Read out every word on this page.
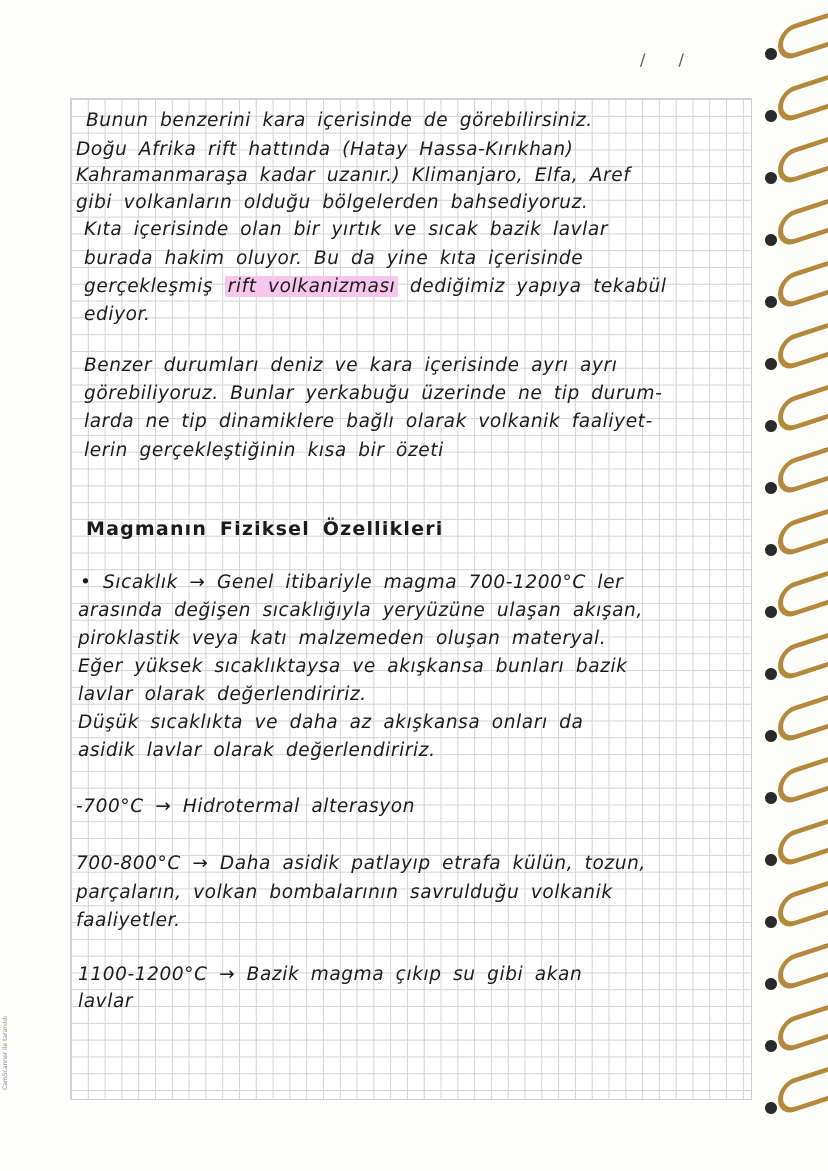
/ /
Bunun benzerini kara içerisinde de görebilirsiniz.
Doğu Afrika rift hattında (Hatay Hassa-Kırıkhan)
Kahramanmaraşa kadar uzanır.) Klimanjaro, Elfa, Aref
gibi volkanların olduğu bölgelerden bahsediyoruz.
Kıta içerisinde olan bir yırtık ve sıcak bazik lavlar
burada hakim oluyor. Bu da yine kıta içerisinde
gerçekleşmiş rift volkanizması dediğimiz yapıya tekabül
ediyor.
Benzer durumları deniz ve kara içerisinde ayrı ayrı
görebiliyoruz. Bunlar yerkabuğu üzerinde ne tip durum-
larda ne tip dinamiklere bağlı olarak volkanik faaliyet-
lerin gerçekleştiğinin kısa bir özeti
Magmanın Fiziksel Özellikleri
• Sıcaklık → Genel itibariyle magma 700-1200°C ler
arasında değişen sıcaklığıyla yeryüzüne ulaşan akışan,
piroklastik veya katı malzemeden oluşan materyal.
Eğer yüksek sıcaklıktaysa ve akışkansa bunları bazik
lavlar olarak değerlendiririz.
Düşük sıcaklıkta ve daha az akışkansa onları da
asidik lavlar olarak değerlendiririz.
-700°C → Hidrotermal alterasyon
700-800°C → Daha asidik patlayıp etrafa külün, tozun,
parçaların, volkan bombalarının savrulduğu volkanik
faaliyetler.
1100-1200°C → Bazik magma çıkıp su gibi akan
lavlar
CamScanner ile taranıldı
